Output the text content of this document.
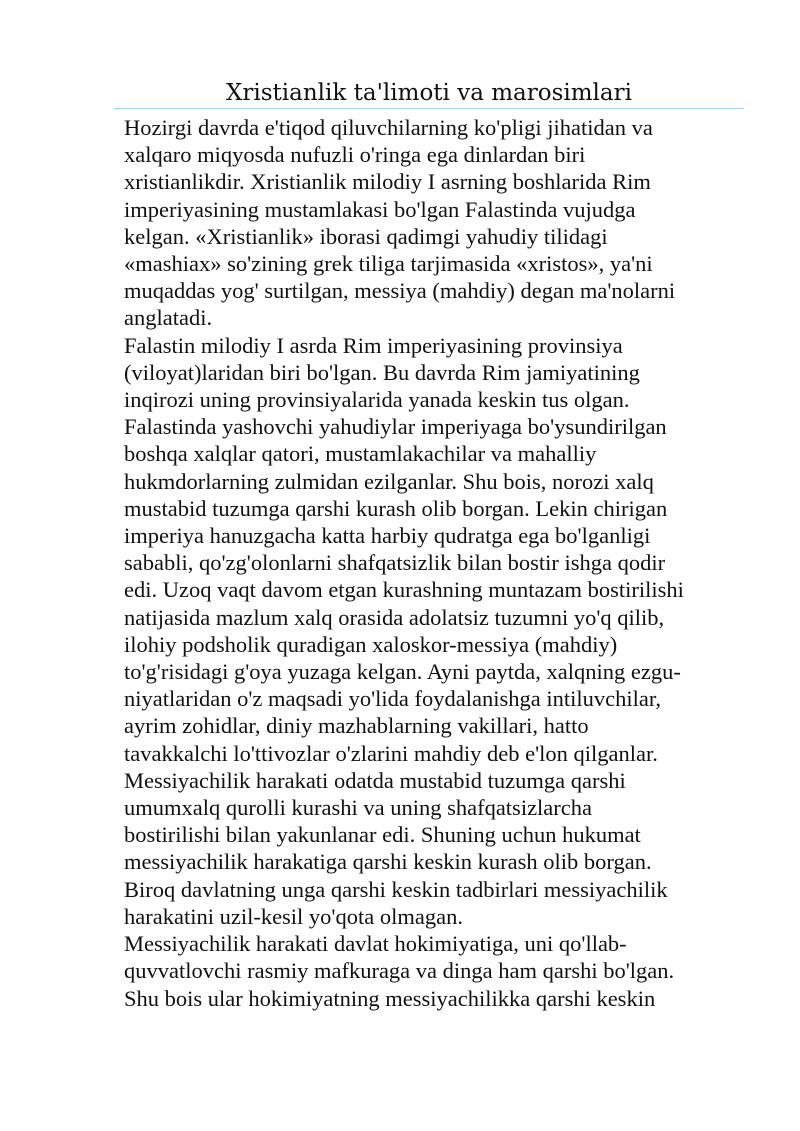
Xristianlik ta'limoti va marosimlari
Hozirgi davrda e'tiqod qiluvchilarning ko'pligi jihatidan va
xalqaro miqyosda nufuzli o'ringa ega dinlardan biri
xristianlikdir. Xristianlik milodiy I asrning boshlarida Rim
imperiyasining mustamlakasi bo'lgan Falastinda vujudga
kelgan. «Xristianlik» iborasi qadimgi yahudiy tilidagi
«mashiax» so'zining grek tiliga tarjimasida «xristos», ya'ni
muqaddas yog' surtilgan, messiya (mahdiy) degan ma'nolarni
anglatadi.
Falastin milodiy I asrda Rim imperiyasining provinsiya
(viloyat)laridan biri bo'lgan. Bu davrda Rim jamiyatining
inqirozi uning provinsiyalarida yanada keskin tus olgan.
Falastinda yashovchi yahudiylar imperiyaga bo'ysundirilgan
boshqa xalqlar qatori, mustamlakachilar va mahalliy
hukmdorlarning zulmidan ezilganlar. Shu bois, norozi xalq
mustabid tuzumga qarshi kurash olib borgan. Lekin chirigan
imperiya hanuzgacha katta harbiy qudratga ega bo'lganligi
sababli, qo'zg'olonlarni shafqatsizlik bilan bostir ishga qodir
edi. Uzoq vaqt davom etgan kurashning muntazam bostirilishi
natijasida mazlum xalq orasida adolatsiz tuzumni yo'q qilib,
ilohiy podsholik quradigan xaloskor-messiya (mahdiy)
to'g'risidagi g'oya yuzaga kelgan. Ayni paytda, xalqning ezgu-
niyatlaridan o'z maqsadi yo'lida foydalanishga intiluvchilar,
ayrim zohidlar, diniy mazhablarning vakillari, hatto
tavakkalchi lo'ttivozlar o'zlarini mahdiy deb e'lon qilganlar.
Messiyachilik harakati odatda mustabid tuzumga qarshi
umumxalq qurolli kurashi va uning shafqatsizlarcha
bostirilishi bilan yakunlanar edi. Shuning uchun hukumat
messiyachilik harakatiga qarshi keskin kurash olib borgan.
Biroq davlatning unga qarshi keskin tadbirlari messiyachilik
harakatini uzil-kesil yo'qota olmagan.
Messiyachilik harakati davlat hokimiyatiga, uni qo'llab-
quvvatlovchi rasmiy mafkuraga va dinga ham qarshi bo'lgan.
Shu bois ular hokimiyatning messiyachilikka qarshi keskin
